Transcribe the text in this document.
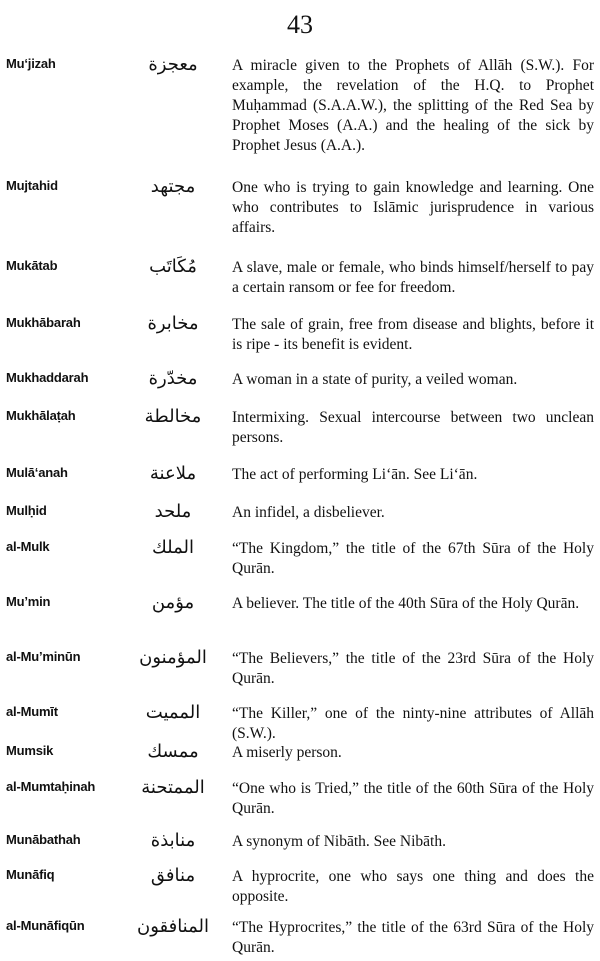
43
Mu‘jizah	معجزة	A miracle given to the Prophets of Allāh (S.W.). For example, the revelation of the H.Q. to Prophet Muḥammad (S.A.A.W.), the splitting of the Red Sea by Prophet Moses (A.A.) and the healing of the sick by Prophet Jesus (A.A.).
Mujtahid	مجتهد	One who is trying to gain knowledge and learning. One who contributes to Islāmic jurisprudence in various affairs.
Mukātab	مُكَاتَب	A slave, male or female, who binds himself/herself to pay a certain ransom or fee for freedom.
Mukhābarah	مخابرة	The sale of grain, free from disease and blights, before it is ripe - its benefit is evident.
Mukhaddarah	مخدّرة	A woman in a state of purity, a veiled woman.
Mukhālaṭah	مخالطة	Intermixing. Sexual intercourse between two unclean persons.
Mulā‘anah	ملاعنة	The act of performing Li‘ān. See Li‘ān.
Mulḥid	ملحد	An infidel, a disbeliever.
al-Mulk	الملك	“The Kingdom,” the title of the 67th Sūra of the Holy Qurān.
Mu’min	مؤمن	A believer. The title of the 40th Sūra of the Holy Qurān.
al-Mu’minūn	المؤمنون	“The Believers,” the title of the 23rd Sūra of the Holy Qurān.
al-Mumīt	المميت	“The Killer,” one of the ninty-nine attributes of Allāh (S.W.).
Mumsik	ممسك	A miserly person.
al-Mumtaḥinah	الممتحنة	“One who is Tried,” the title of the 60th Sūra of the Holy Qurān.
Munābathah	منابذة	A synonym of Nibāth. See Nibāth.
Munāfiq	منافق	A hyprocrite, one who says one thing and does the opposite.
al-Munāfiqūn	المنافقون	“The Hyprocrites,” the title of the 63rd Sūra of the Holy Qurān.
